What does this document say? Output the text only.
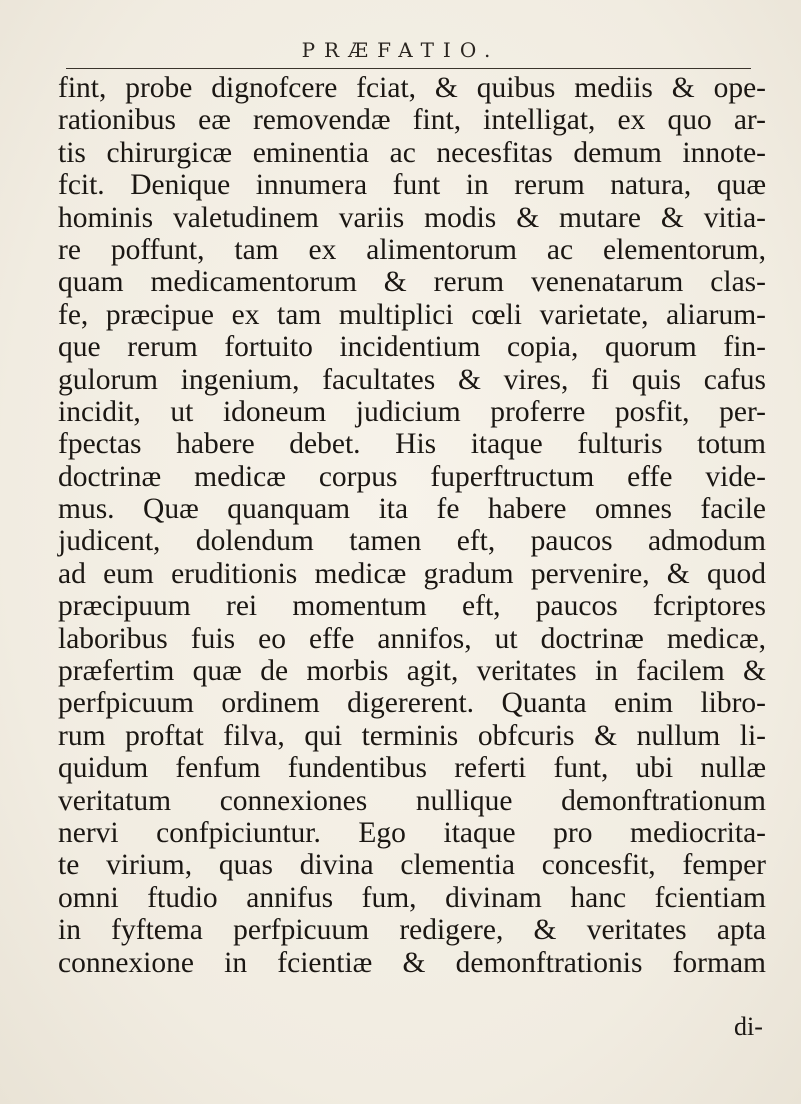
PRÆFATIO.
fint, probe dignofcere fciat, & quibus mediis & ope-
rationibus eæ removendæ fint, intelligat, ex quo ar-
tis chirurgicæ eminentia ac necesfitas demum innote-
fcit. Denique innumera funt in rerum natura, quæ
hominis valetudinem variis modis & mutare & vitia-
re poffunt, tam ex alimentorum ac elementorum,
quam medicamentorum & rerum venenatarum clas-
fe, præcipue ex tam multiplici cœli varietate, aliarum-
que rerum fortuito incidentium copia, quorum fin-
gulorum ingenium, facultates & vires, fi quis cafus
incidit, ut idoneum judicium proferre posfit, per-
fpectas habere debet. His itaque fulturis totum
doctrinæ medicæ corpus fuperftructum effe vide-
mus. Quæ quanquam ita fe habere omnes facile
judicent, dolendum tamen eft, paucos admodum
ad eum eruditionis medicæ gradum pervenire, & quod
præcipuum rei momentum eft, paucos fcriptores
laboribus fuis eo effe annifos, ut doctrinæ medicæ,
præfertim quæ de morbis agit, veritates in facilem &
perfpicuum ordinem digererent. Quanta enim libro-
rum proftat filva, qui terminis obfcuris & nullum li-
quidum fenfum fundentibus referti funt, ubi nullæ
veritatum connexiones nullique demonftrationum
nervi confpiciuntur. Ego itaque pro mediocrita-
te virium, quas divina clementia concesfit, femper
omni ftudio annifus fum, divinam hanc fcientiam
in fyftema perfpicuum redigere, & veritates apta
connexione in fcientiæ & demonftrationis formam
di-
